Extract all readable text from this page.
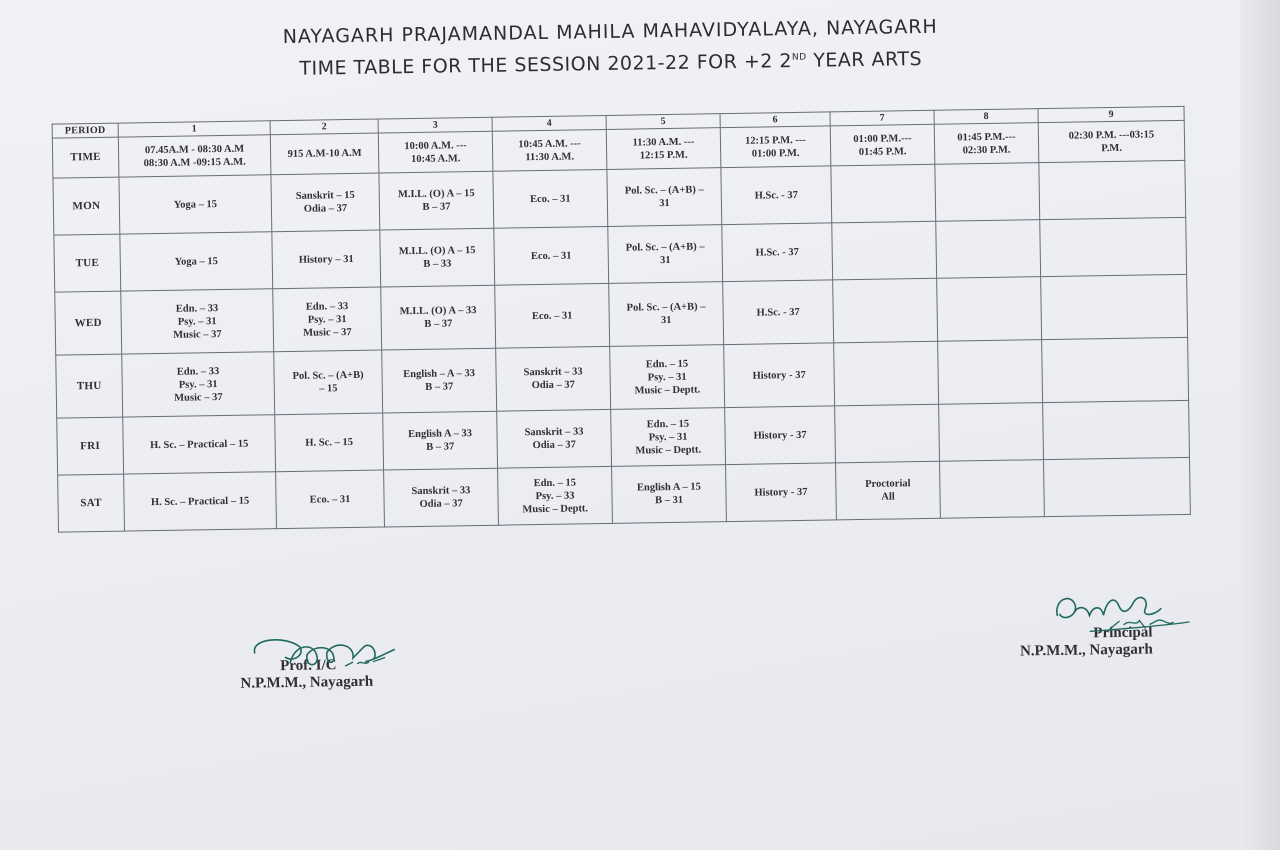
NAYAGARH PRAJAMANDAL MAHILA MAHAVIDYALAYA, NAYAGARH
TIME TABLE FOR THE SESSION 2021-22 FOR +2 2ND YEAR ARTS
PERIOD	1	2	3	4	5	6	7	8	9
TIME	07.45A.M - 08:30 A.M
08:30 A.M -09:15 A.M.	915 A.M-10 A.M	10:00 A.M. ---
10:45 A.M.	10:45 A.M. ---
11:30 A.M.	11:30 A.M. ---
12:15 P.M.	12:15 P.M. ---
01:00 P.M.	01:00 P.M.---
01:45 P.M.	01:45 P.M.---
02:30 P.M.	02:30 P.M. ---03:15
P.M.

MON	Yoga – 15	Sanskrit – 15
Odia – 37	M.I.L. (O) A – 15
B – 37	Eco. – 31	Pol. Sc. – (A+B) –
31	H.Sc. - 37			

TUE	Yoga – 15	History – 31	M.I.L. (O) A – 15
B – 33	Eco. – 31	Pol. Sc. – (A+B) –
31	H.Sc. - 37			

WED	Edn. – 33
Psy. – 31
Music – 37	Edn. – 33
Psy. – 31
Music – 37	M.I.L. (O) A – 33
B – 37	Eco. – 31	Pol. Sc. – (A+B) –
31	H.Sc. - 37			

THU	Edn. – 33
Psy. – 31
Music – 37	Pol. Sc. – (A+B)
– 15	English – A – 33
B – 37	Sanskrit – 33
Odia – 37	Edn. – 15
Psy. – 31
Music – Deptt.	History - 37			

FRI	H. Sc. – Practical – 15	H. Sc. – 15	English A – 33
B – 37	Sanskrit – 33
Odia – 37	Edn. – 15
Psy. – 31
Music – Deptt.	History - 37			

SAT	H. Sc. – Practical – 15	Eco. – 31	Sanskrit – 33
Odia – 37	Edn. – 15
Psy. – 33
Music – Deptt.	English A – 15
B – 31	History - 37	Proctorial
All		

Prof. I/C
N.P.M.M., Nayagarh
Principal
N.P.M.M., Nayagarh
